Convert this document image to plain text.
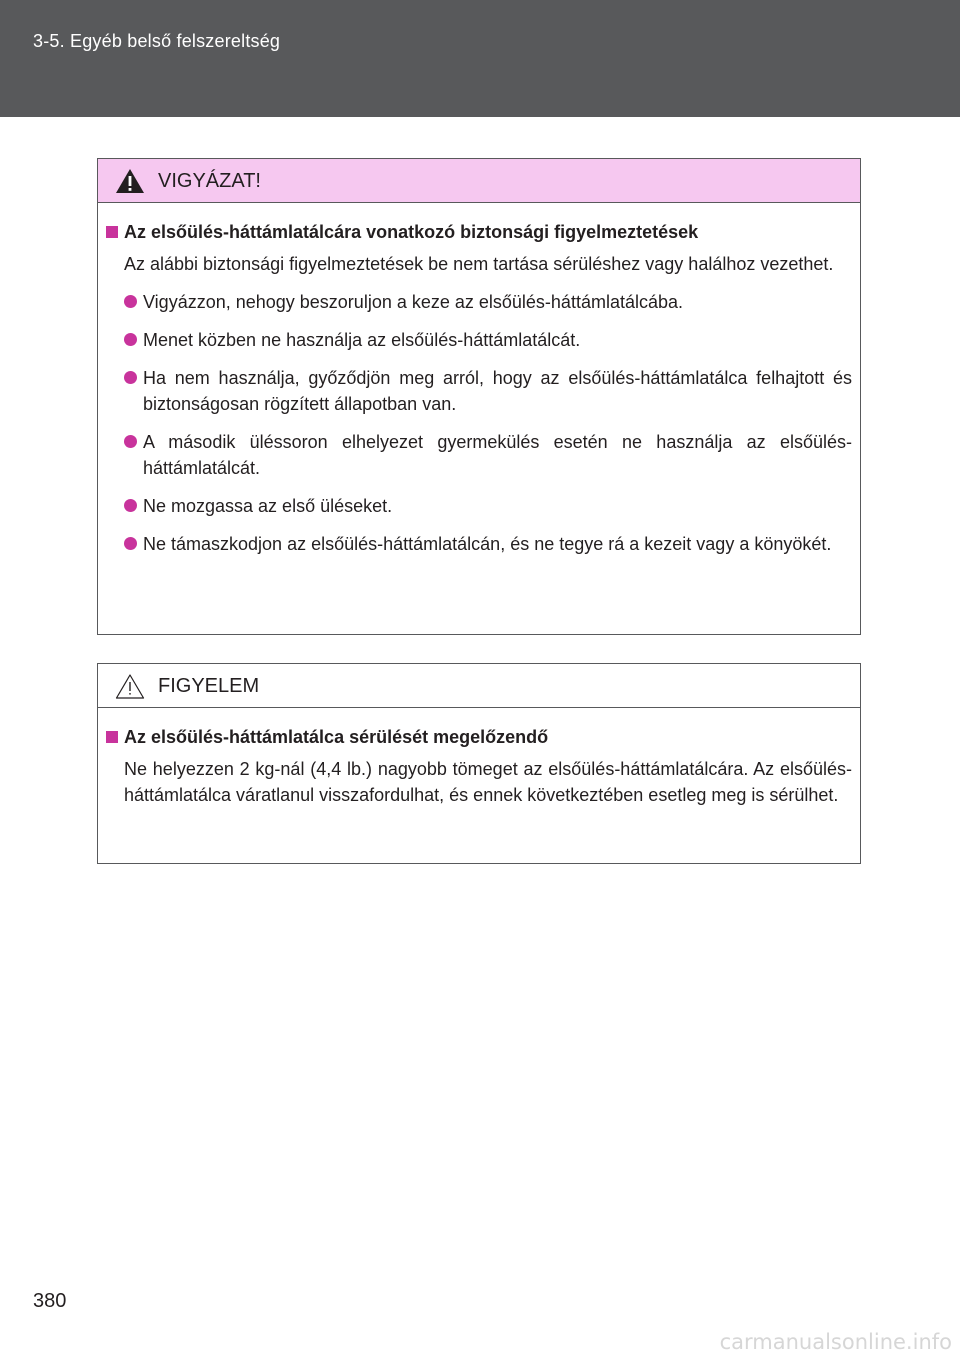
3-5. Egyéb belső felszereltség
VIGYÁZAT!
Az elsőülés-háttámlatálcára vonatkozó biztonsági figyelmeztetések
Az alábbi biztonsági figyelmeztetések be nem tartása sérüléshez vagy halálhoz vezethet.
Vigyázzon, nehogy beszoruljon a keze az elsőülés-háttámlatálcába.
Menet közben ne használja az elsőülés-háttámlatálcát.
Ha nem használja, győződjön meg arról, hogy az elsőülés-háttámlatálca felhajtott és biztonságosan rögzített állapotban van.
A második üléssoron elhelyezet gyermekülés esetén ne használja az elsőülés-háttámlatálcát.
Ne mozgassa az első üléseket.
Ne támaszkodjon az elsőülés-háttámlatálcán, és ne tegye rá a kezeit vagy a könyökét.
FIGYELEM
Az elsőülés-háttámlatálca sérülését megelőzendő
Ne helyezzen 2 kg-nál (4,4 lb.) nagyobb tömeget az elsőülés-háttámlatálcára. Az elsőülés-háttámlatálca váratlanul visszafordulhat, és ennek következtében esetleg meg is sérülhet.
380
carmanualsonline.info
